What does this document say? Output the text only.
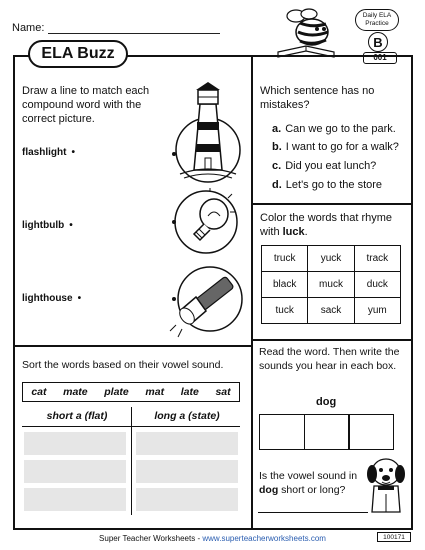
Name:
Daily ELA Practice
B
001
ELA Buzz
Draw a line to match each compound word with the correct picture.
flashlight •
lightbulb •
lighthouse •
Which sentence has no mistakes?
a. Can we go to the park.
b. I want to go for a walk?
c. Did you eat lunch?
d. Let's go to the store
Color the words that rhyme with luck.
truck	yuck	track
black	muck	duck
tuck	sack	yum
Sort the words based on their vowel sound.
cat mate plate mat late sat
short a (flat)	long a (state)
Read the word. Then write the sounds you hear in each box.
dog
Is the vowel sound in dog short or long?
Super Teacher Worksheets - www.superteacherworksheets.com	100171
